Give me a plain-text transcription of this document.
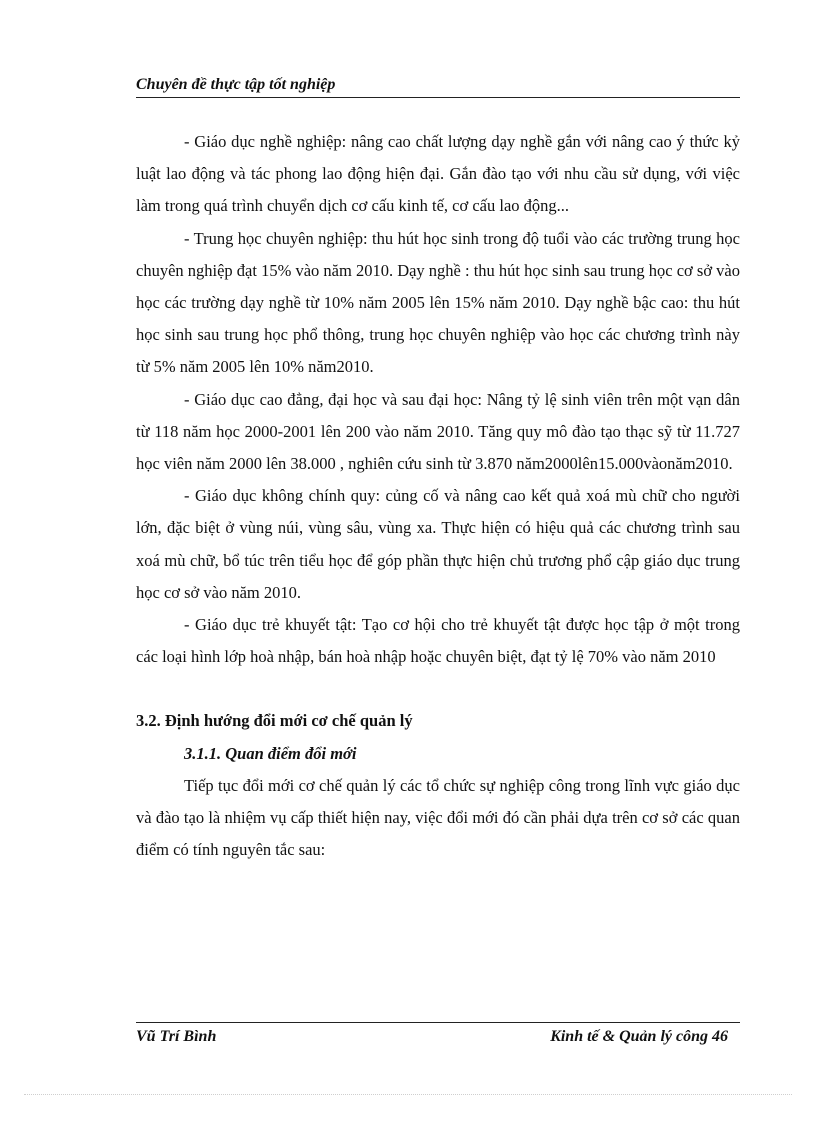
Chuyên đề thực tập tốt nghiệp

- Giáo dục nghề nghiệp: nâng cao chất lượng dạy nghề gắn với nâng cao ý thức kỷ luật lao động và tác phong lao động hiện đại. Gắn đào tạo với nhu cầu sử dụng, với việc làm trong quá trình chuyển dịch cơ cấu kinh tế, cơ cấu lao động...

- Trung học chuyên nghiệp: thu hút học sinh trong độ tuổi vào các trường trung học chuyên nghiệp đạt 15% vào năm 2010. Dạy nghề : thu hút học sinh sau trung học cơ sở vào học các trường dạy nghề từ 10% năm 2005 lên 15% năm 2010. Dạy nghề bậc cao: thu hút học sinh sau trung học phổ thông, trung học chuyên nghiệp vào học các chương trình này từ 5% năm 2005 lên 10% năm2010.

- Giáo dục cao đẳng, đại học và sau đại học: Nâng tỷ lệ sinh viên trên một vạn dân từ 118 năm học 2000-2001 lên 200 vào năm 2010. Tăng quy mô đào tạo thạc sỹ từ 11.727 học viên năm 2000 lên 38.000 , nghiên cứu sinh từ 3.870 năm2000lên15.000vàonăm2010.

- Giáo dục không chính quy: củng cố và nâng cao kết quả xoá mù chữ cho người lớn, đặc biệt ở vùng núi, vùng sâu, vùng xa. Thực hiện có hiệu quả các chương trình sau xoá mù chữ, bổ túc trên tiểu học để góp phần thực hiện chủ trương phổ cập giáo dục trung học cơ sở vào năm 2010.

- Giáo dục trẻ khuyết tật: Tạo cơ hội cho trẻ khuyết tật được học tập ở một trong các loại hình lớp hoà nhập, bán hoà nhập hoặc chuyên biệt, đạt tỷ lệ 70% vào năm 2010

3.2. Định hướng đổi mới cơ chế quản lý

3.1.1. Quan điểm đổi mới

Tiếp tục đổi mới cơ chế quản lý các tổ chức sự nghiệp công trong lĩnh vực giáo dục và đào tạo là nhiệm vụ cấp thiết hiện nay, việc đổi mới đó cần phải dựa trên cơ sở các quan điểm có tính nguyên tắc sau:

Vũ Trí Bình	Kinh tế & Quản lý công 46
